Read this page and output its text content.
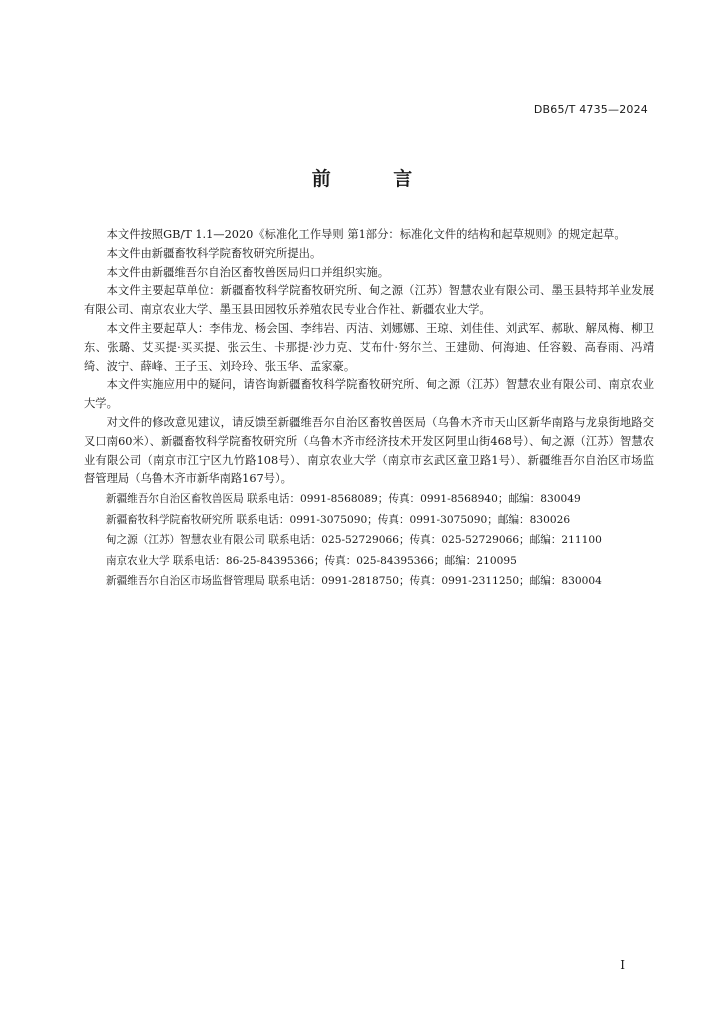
DB65/T 4735—2024
前 言

本文件按照GB/T 1.1—2020《标准化工作导则 第1部分：标准化文件的结构和起草规则》的规定起草。

本文件由新疆畜牧科学院畜牧研究所提出。

本文件由新疆维吾尔自治区畜牧兽医局归口并组织实施。

本文件主要起草单位：新疆畜牧科学院畜牧研究所、甸之源（江苏）智慧农业有限公司、墨玉县特邦羊业发展有限公司、南京农业大学、墨玉县田园牧乐养殖农民专业合作社、新疆农业大学。

本文件主要起草人：李伟龙、杨会国、李纬岩、丙洁、刘娜娜、王琼、刘佳佳、刘武军、郝耿、解凤梅、柳卫东、张璐、艾买提·买买提、张云生、卡那提·沙力克、艾布什·努尔兰、王建勋、何海迪、任容毅、高春雨、冯靖绮、波宁、薛峰、王子玉、刘玲玲、张玉华、孟家豪。

本文件实施应用中的疑问，请咨询新疆畜牧科学院畜牧研究所、甸之源（江苏）智慧农业有限公司、南京农业大学。

对文件的修改意见建议，请反馈至新疆维吾尔自治区畜牧兽医局（乌鲁木齐市天山区新华南路与龙泉街地路交叉口南60米）、新疆畜牧科学院畜牧研究所（乌鲁木齐市经济技术开发区阿里山街468号）、甸之源（江苏）智慧农业有限公司（南京市江宁区九竹路108号）、南京农业大学（南京市玄武区童卫路1号）、新疆维吾尔自治区市场监督管理局（乌鲁木齐市新华南路167号）。

新疆维吾尔自治区畜牧兽医局 联系电话：0991-8568089；传真：0991-8568940；邮编：830049
新疆畜牧科学院畜牧研究所 联系电话：0991-3075090；传真：0991-3075090；邮编：830026
甸之源（江苏）智慧农业有限公司 联系电话：025-52729066；传真：025-52729066；邮编：211100
南京农业大学 联系电话：86-25-84395366；传真：025-84395366；邮编：210095
新疆维吾尔自治区市场监督管理局 联系电话：0991-2818750；传真：0991-2311250；邮编：830004
I
